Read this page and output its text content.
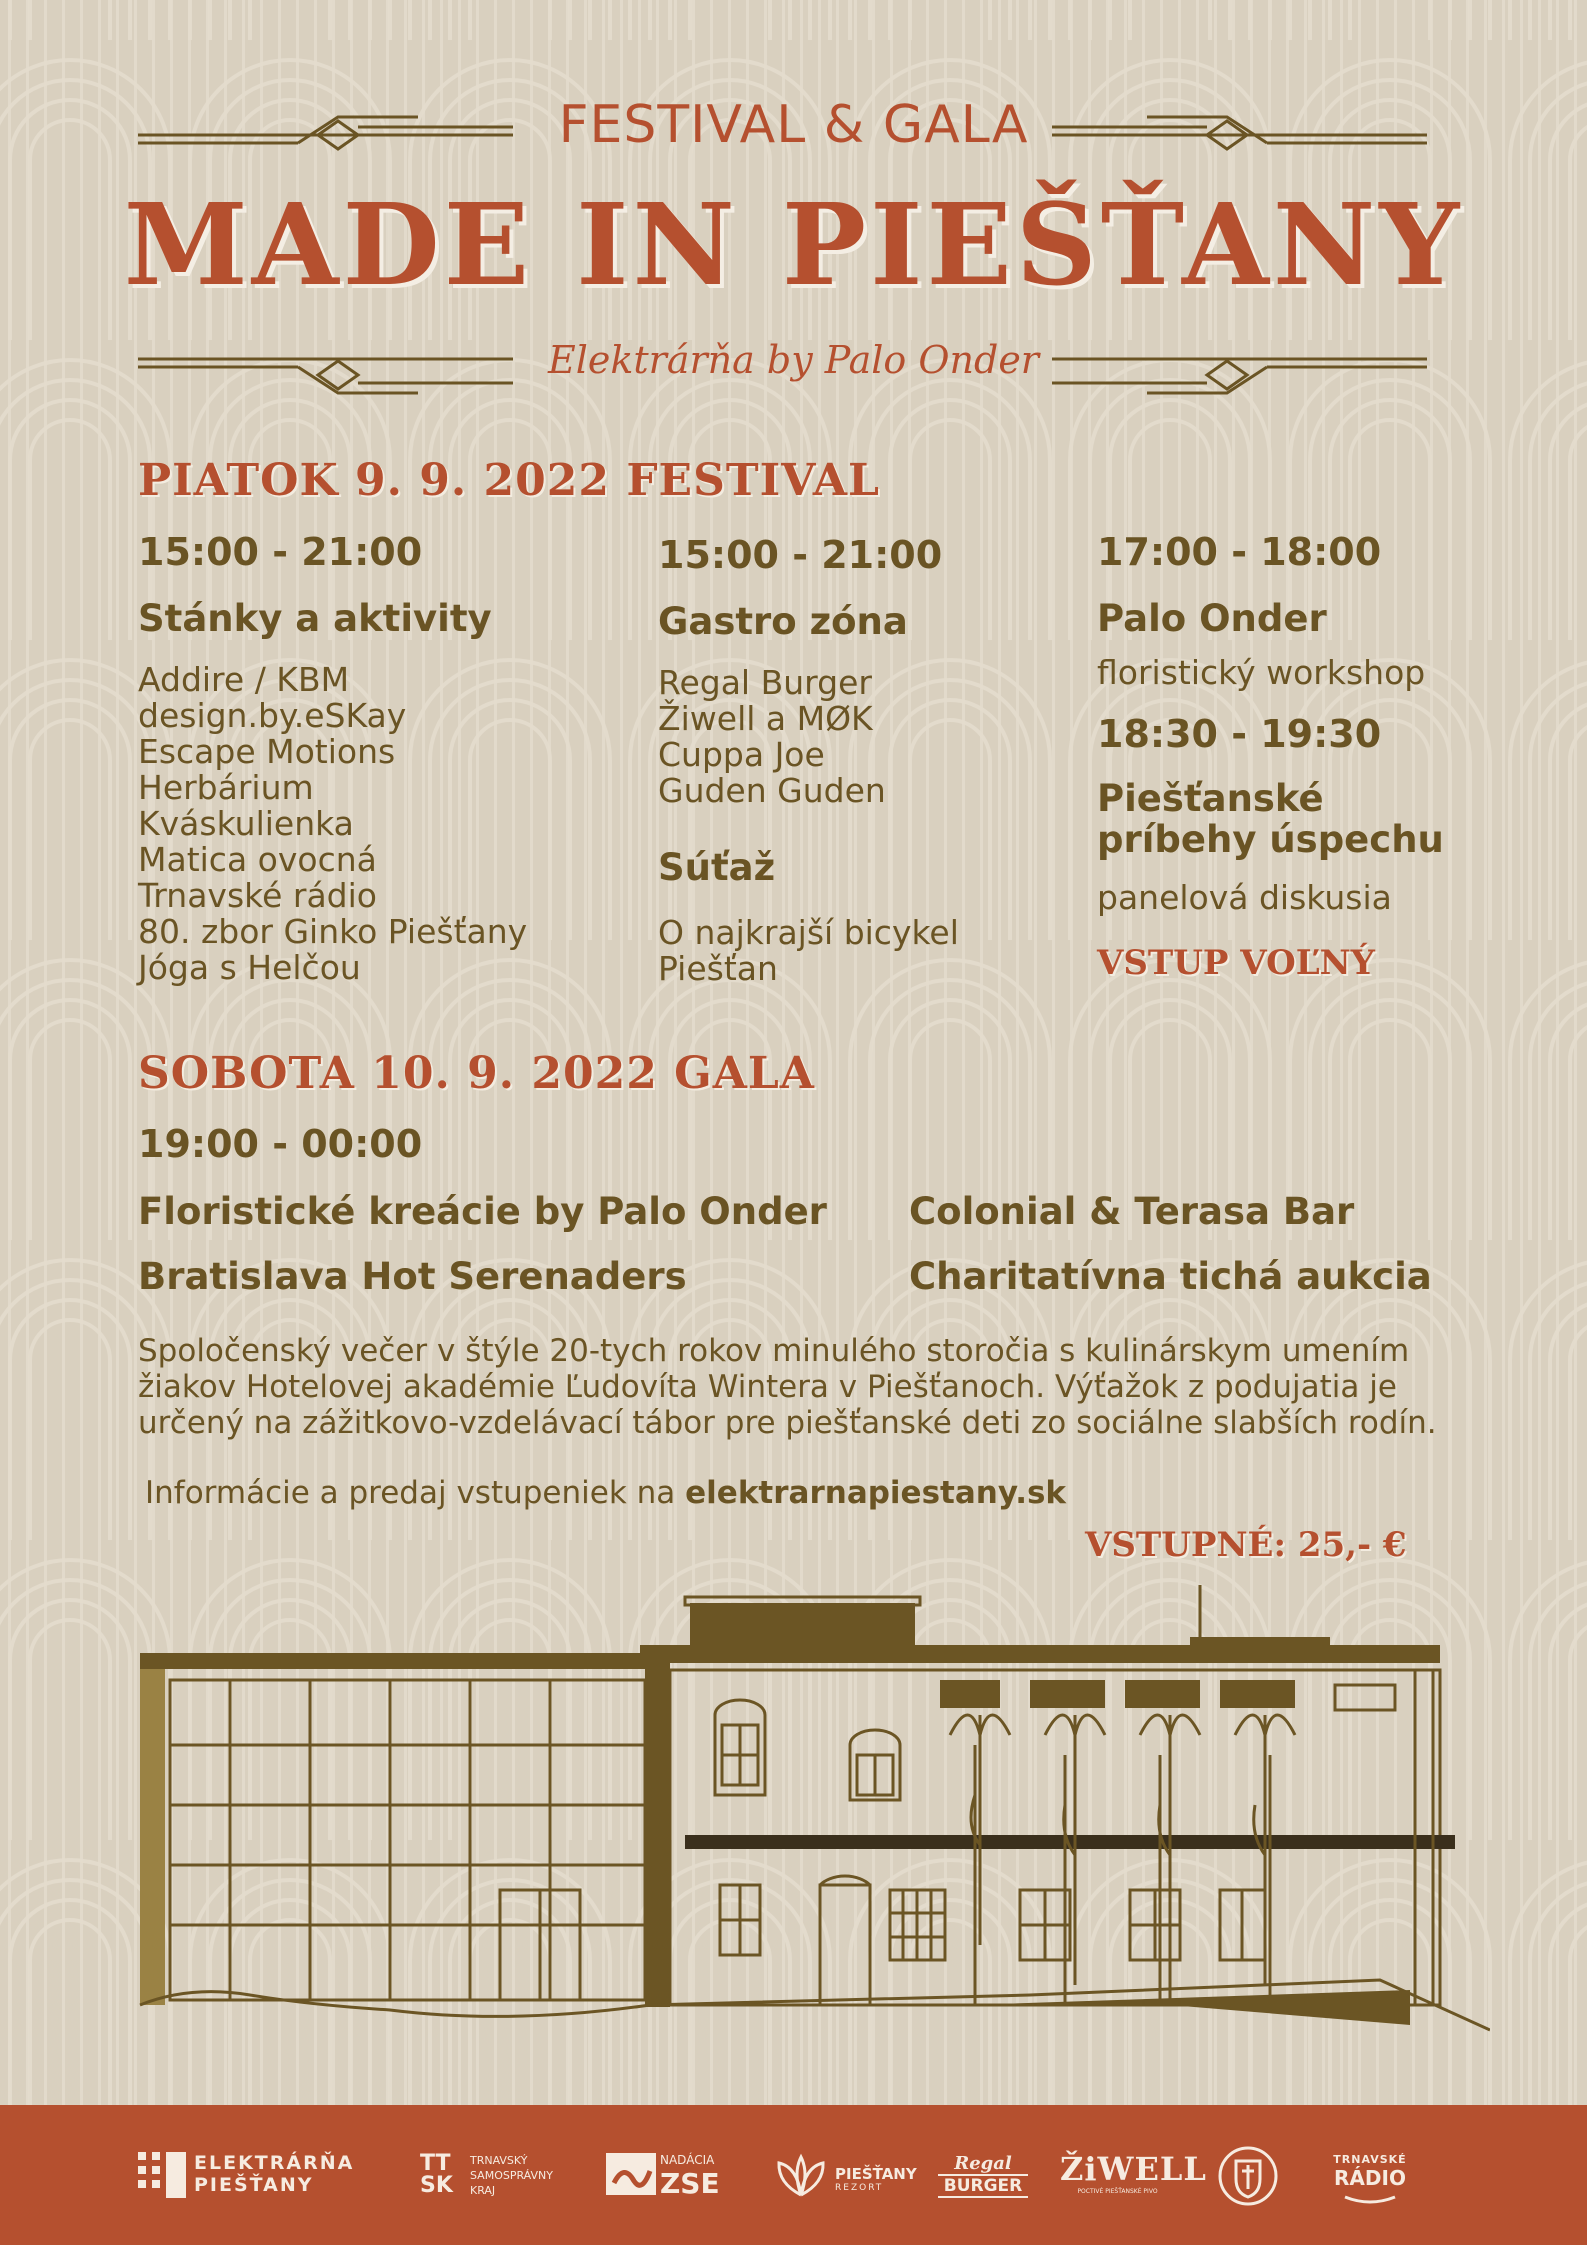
FESTIVAL & GALA
MADE IN PIEŠŤANY
Elektrárňa by Palo Onder
PIATOK 9. 9. 2022 FESTIVAL
15:00 - 21:00
Stánky a aktivity
Addire / KBM
design.by.eSKay
Escape Motions
Herbárium
Kváskulienka
Matica ovocná
Trnavské rádio
80. zbor Ginko Piešťany
Jóga s Helčou
15:00 - 21:00
Gastro zóna
Regal Burger
Žiwell a MØK
Cuppa Joe
Guden Guden
Súťaž
O najkrajší bicykel
Piešťan
17:00 - 18:00
Palo Onder
floristický workshop
18:30 - 19:30
Piešťanské
príbehy úspechu
panelová diskusia
VSTUP VOĽNÝ
SOBOTA 10. 9. 2022 GALA
19:00 - 00:00
Floristické kreácie by Palo Onder
Bratislava Hot Serenaders
Colonial & Terasa Bar
Charitatívna tichá aukcia
Spoločenský večer v štýle 20-tych rokov minulého storočia s kulinárskym umením
žiakov Hotelovej akadémie Ľudovíta Wintera v Piešťanoch. Výťažok z podujatia je
určený na zážitkovo-vzdelávací tábor pre piešťanské deti zo sociálne slabších rodín.
Informácie a predaj vstupeniek na elektrarnapiestany.sk
VSTUPNÉ: 25,- €
ELEKTRÁRŇA
PIEŠŤANY
TT SK
TRNAVSKÝ
SAMOSPRÁVNY
KRAJ
NADÁCIA
ZSE	PIEŠŤANY
REZORT
Regal
BURGER ŽiWELL
POCTIVÉ PIEŠŤANSKÉ PIVO
TRNAVSKÉ
RÁDIO
